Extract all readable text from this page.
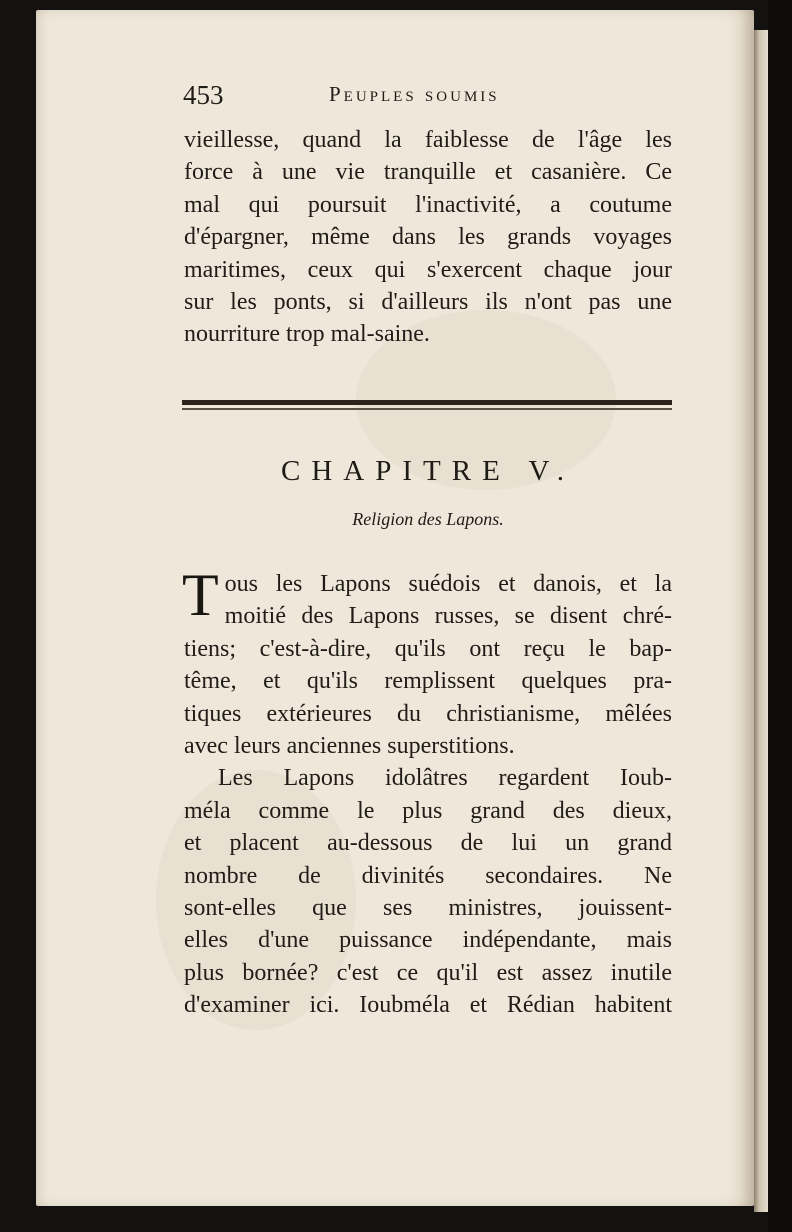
453	Peuples soumis
vieillesse, quand la faiblesse de l'âge les
force à une vie tranquille et casanière. Ce
mal qui poursuit l'inactivité, a coutume
d'épargner, même dans les grands voyages
maritimes, ceux qui s'exercent chaque jour
sur les ponts, si d'ailleurs ils n'ont pas une
nourriture trop mal-saine.
CHAPITRE V.
Religion des Lapons.
T ous les Lapons suédois et danois, et la
moitié des Lapons russes, se disent chré-
tiens; c'est-à-dire, qu'ils ont reçu le bap-
tême, et qu'ils remplissent quelques pra-
tiques extérieures du christianisme, mêlées
avec leurs anciennes superstitions.
Les Lapons idolâtres regardent Ioub-
méla comme le plus grand des dieux,
et placent au-dessous de lui un grand
nombre de divinités secondaires. Ne
sont-elles que ses ministres, jouissent-
elles d'une puissance indépendante, mais
plus bornée? c'est ce qu'il est assez inutile
d'examiner ici. Ioubméla et Rédian habitent
